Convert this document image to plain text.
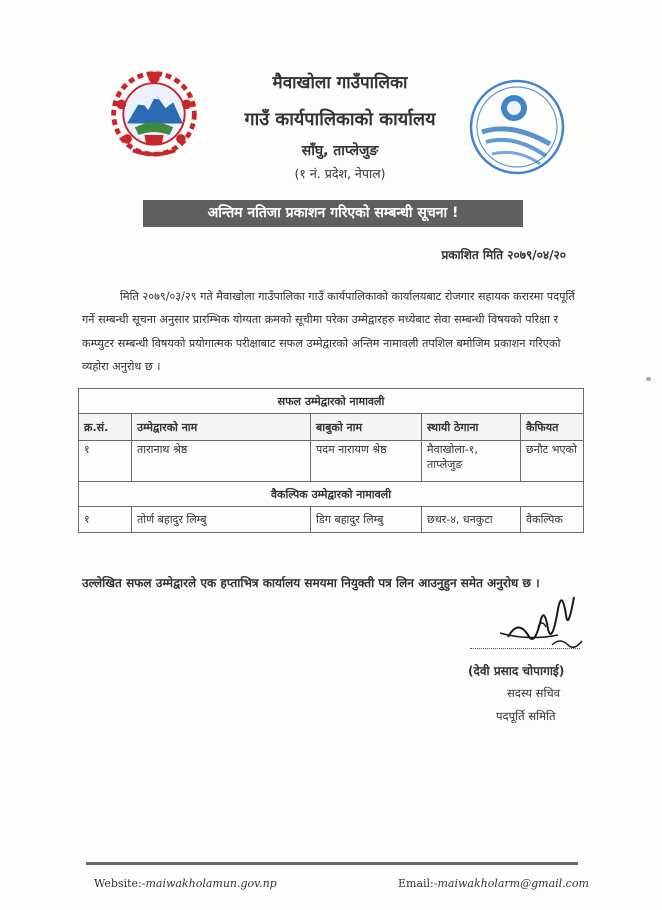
मैवाखोला गाउँपालिका
गाउँ कार्यपालिकाको कार्यालय
साँघु, ताप्लेजुङ
(१ नं. प्रदेश, नेपाल)
अन्तिम नतिजा प्रकाशन गरिएको सम्बन्धी सूचना !
प्रकाशित मिति २०७९/०४/२०
मिति २०७९/०३/२९ गते मैवाखोला गाउँपालिका गाउँ कार्यपालिकाको कार्यालयबाट रोजगार सहायक करारमा पदपूर्ति गर्ने सम्बन्धी सूचना अनुसार प्रारम्भिक योग्यता क्रमको सूचीमा परेका उम्मेद्वारहरु मध्येबाट सेवा सम्बन्धी विषयको परिक्षा र कम्प्युटर सम्बन्धी विषयको प्रयोगात्मक परीक्षाबाट सफल उम्मेद्वारको अन्तिम नामावली तपशिल बमोजिम प्रकाशन गरिएको व्यहोरा अनुरोध छ ।
सफल उम्मेद्वारको नामावली				
क्र.सं.	उम्मेद्वारको नाम	बाबुको नाम	स्थायी ठेगाना	कैफियत
१	तारानाथ श्रेष्ठ	पदम नारायण श्रेष्ठ	मैवाखोला-१, ताप्लेजुङ	छनौट भएको
वैकल्पिक उम्मेद्वारको नामावली				
१	तोर्ण बहादुर लिम्बु	डिग बहादुर लिम्बु	छथर-४, धनकुटा	वैकल्पिक
उल्लेखित सफल उम्मेद्वारले एक हप्ताभित्र कार्यालय समयमा नियुक्ती पत्र लिन आउनुहुन समेत अनुरोध छ ।
(देवी प्रसाद चोपागाई)
सदस्य सचिव
पदपूर्ति समिति
Website:-maiwakholamun.gov.np	Email:-maiwakholarm@gmail.com
